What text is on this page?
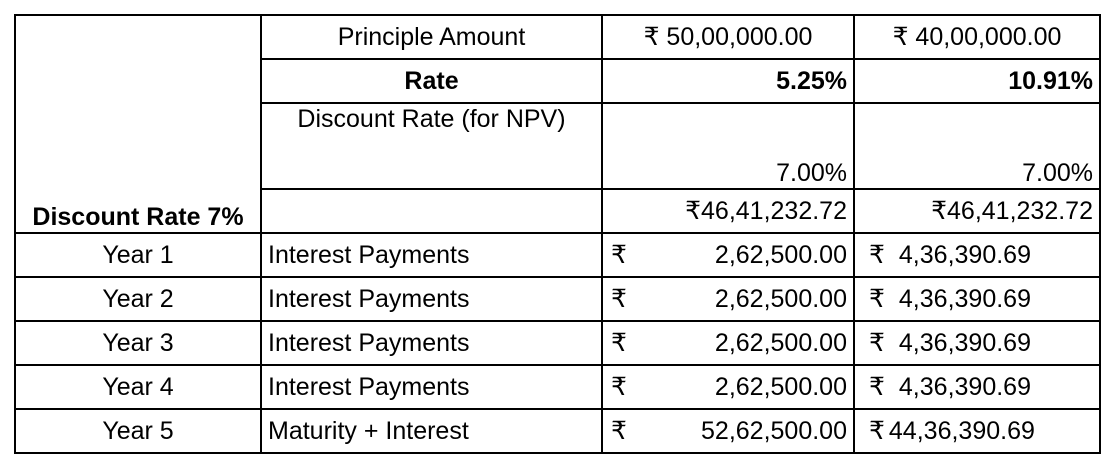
Discount Rate 7%	Principle Amount	₹ 50,00,000.00	₹ 40,00,000.00
	Rate	5.25%	10.91%
	Discount Rate (for NPV)	7.00%	7.00%
		₹46,41,232.72	₹46,41,232.72
Year 1	Interest Payments	₹ 2,62,500.00	₹ 4,36,390.69

Year 2	Interest Payments	₹ 2,62,500.00	₹ 4,36,390.69

Year 3	Interest Payments	₹ 2,62,500.00	₹ 4,36,390.69

Year 4	Interest Payments	₹ 2,62,500.00	₹ 4,36,390.69

Year 5	Maturity + Interest	₹ 52,62,500.00	₹ 44,36,390.69
